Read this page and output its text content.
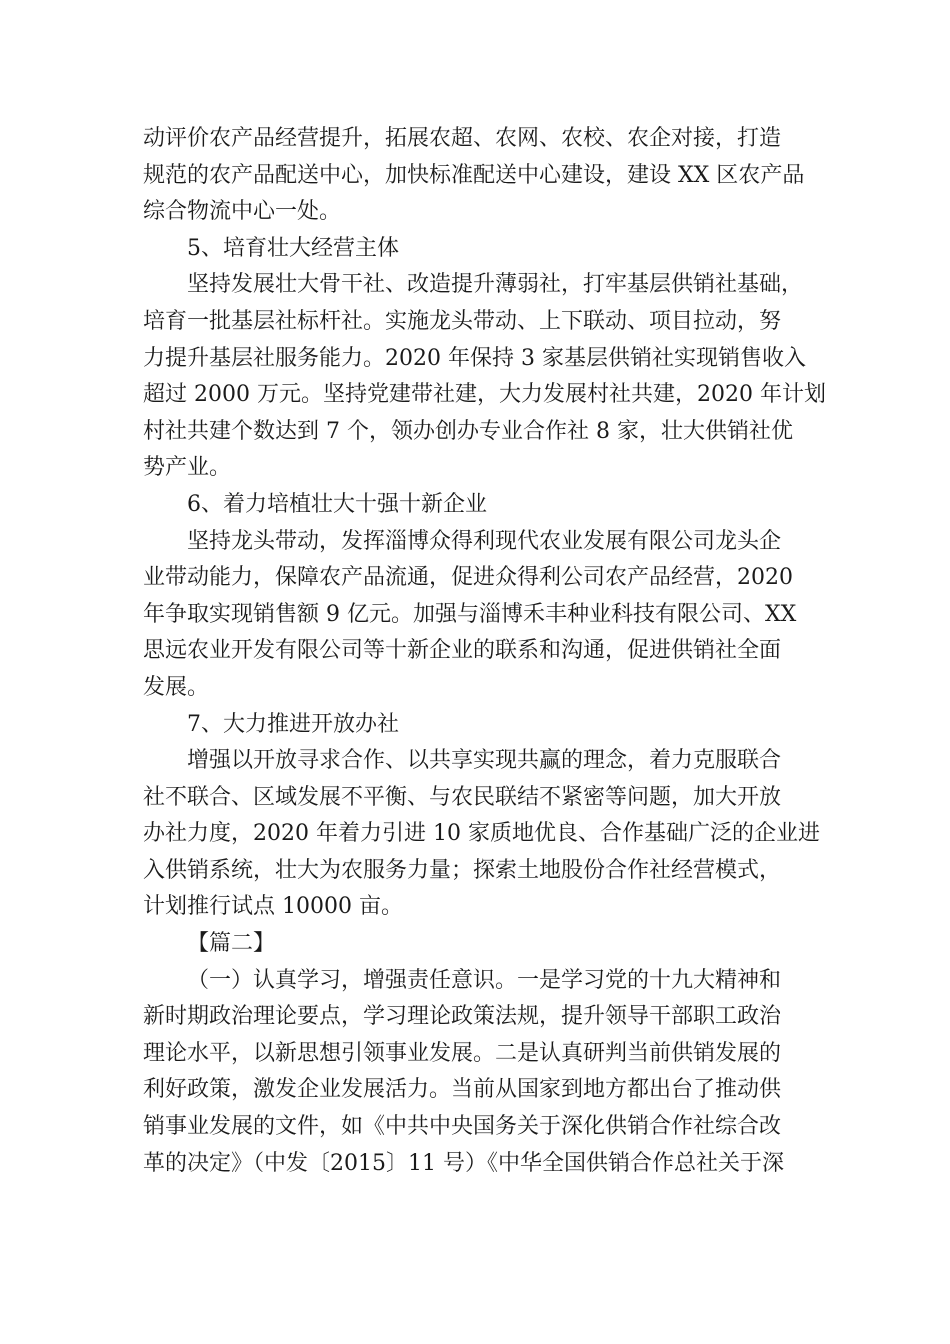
动评价农产品经营提升，拓展农超、农网、农校、农企对接，打造
规范的农产品配送中心，加快标准配送中心建设，建设 XX 区农产品
综合物流中心一处。
5、培育壮大经营主体
坚持发展壮大骨干社、改造提升薄弱社，打牢基层供销社基础，
培育一批基层社标杆社。实施龙头带动、上下联动、项目拉动，努
力提升基层社服务能力。2020 年保持 3 家基层供销社实现销售收入
超过 2000 万元。坚持党建带社建，大力发展村社共建，2020 年计划
村社共建个数达到 7 个，领办创办专业合作社 8 家，壮大供销社优
势产业。
6、着力培植壮大十强十新企业
坚持龙头带动，发挥淄博众得利现代农业发展有限公司龙头企
业带动能力，保障农产品流通，促进众得利公司农产品经营，2020
年争取实现销售额 9 亿元。加强与淄博禾丰种业科技有限公司、XX
思远农业开发有限公司等十新企业的联系和沟通，促进供销社全面
发展。
7、大力推进开放办社
增强以开放寻求合作、以共享实现共赢的理念，着力克服联合
社不联合、区域发展不平衡、与农民联结不紧密等问题，加大开放
办社力度，2020 年着力引进 10 家质地优良、合作基础广泛的企业进
入供销系统，壮大为农服务力量；探索土地股份合作社经营模式，
计划推行试点 10000 亩。
【篇二】
（一）认真学习，增强责任意识。一是学习党的十九大精神和
新时期政治理论要点，学习理论政策法规，提升领导干部职工政治
理论水平，以新思想引领事业发展。二是认真研判当前供销发展的
利好政策，激发企业发展活力。当前从国家到地方都出台了推动供
销事业发展的文件，如《中共中央国务关于深化供销合作社综合改
革的决定》（中发〔2015〕11 号）《中华全国供销合作总社关于深
